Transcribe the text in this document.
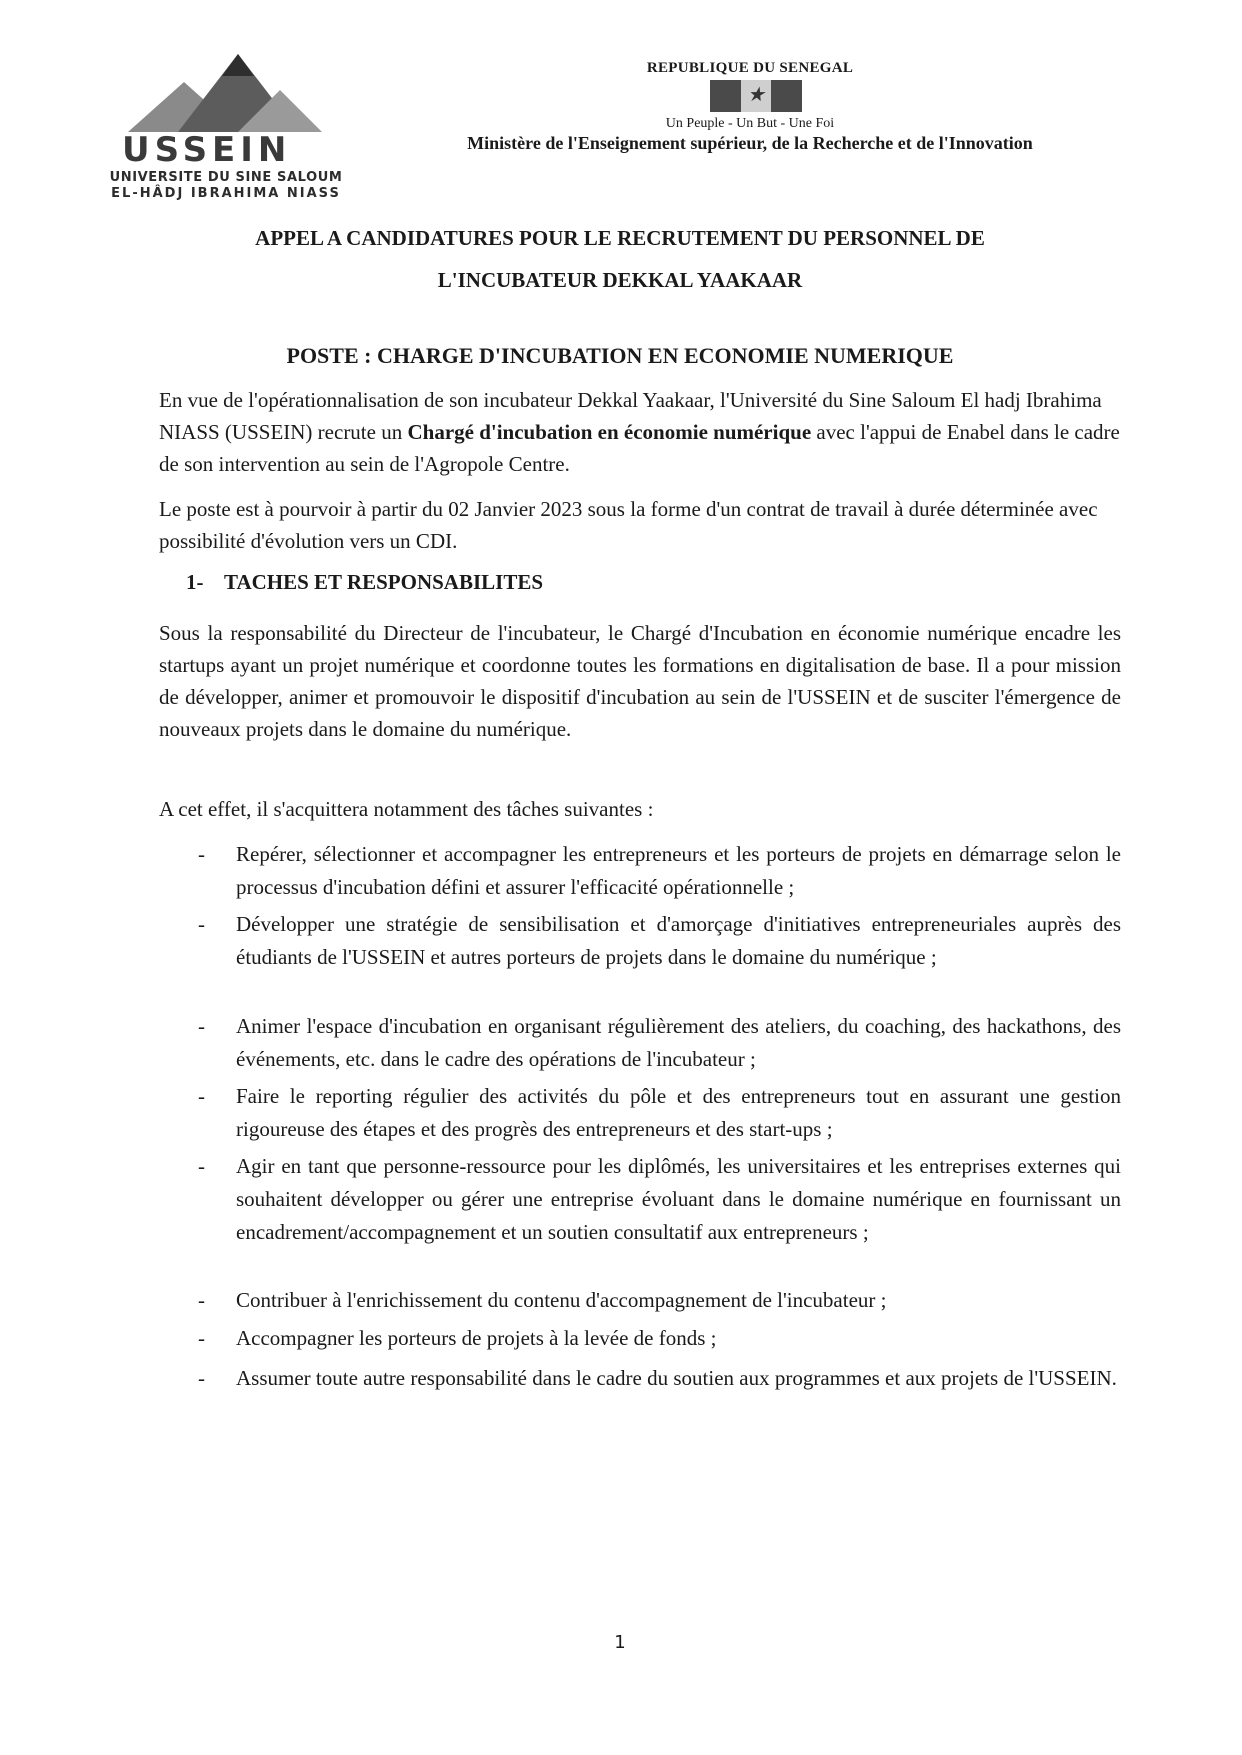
USSEIN
UNIVERSITE DU SINE SALOUM
EL-HÂDJ IBRAHIMA NIASS
REPUBLIQUE DU SENEGAL
★
Un Peuple - Un But - Une Foi
Ministère de l'Enseignement supérieur, de la Recherche et de l'Innovation
APPEL A CANDIDATURES POUR LE RECRUTEMENT DU PERSONNEL DE
L'INCUBATEUR DEKKAL YAAKAAR
POSTE : CHARGE D'INCUBATION EN ECONOMIE NUMERIQUE

En vue de l'opérationnalisation de son incubateur Dekkal Yaakaar, l'Université du Sine Saloum El hadj Ibrahima NIASS (USSEIN) recrute un Chargé d'incubation en économie numérique avec l'appui de Enabel dans le cadre de son intervention au sein de l'Agropole Centre.

Le poste est à pourvoir à partir du 02 Janvier 2023 sous la forme d'un contrat de travail à durée déterminée avec possibilité d'évolution vers un CDI.

1- TACHES ET RESPONSABILITES

Sous la responsabilité du Directeur de l'incubateur, le Chargé d'Incubation en économie numérique encadre les startups ayant un projet numérique et coordonne toutes les formations en digitalisation de base. Il a pour mission de développer, animer et promouvoir le dispositif d'incubation au sein de l'USSEIN et de susciter l'émergence de nouveaux projets dans le domaine du numérique.

A cet effet, il s'acquittera notamment des tâches suivantes :

- Repérer, sélectionner et accompagner les entrepreneurs et les porteurs de projets en démarrage selon le processus d'incubation défini et assurer l'efficacité opérationnelle ;
- Développer une stratégie de sensibilisation et d'amorçage d'initiatives entrepreneuriales auprès des étudiants de l'USSEIN et autres porteurs de projets dans le domaine du numérique ;
- Animer l'espace d'incubation en organisant régulièrement des ateliers, du coaching, des hackathons, des événements, etc. dans le cadre des opérations de l'incubateur ;
- Faire le reporting régulier des activités du pôle et des entrepreneurs tout en assurant une gestion rigoureuse des étapes et des progrès des entrepreneurs et des start-ups ;
- Agir en tant que personne-ressource pour les diplômés, les universitaires et les entreprises externes qui souhaitent développer ou gérer une entreprise évoluant dans le domaine numérique en fournissant un encadrement/accompagnement et un soutien consultatif aux entrepreneurs ;
- Contribuer à l'enrichissement du contenu d'accompagnement de l'incubateur ;
- Accompagner les porteurs de projets à la levée de fonds ;
- Assumer toute autre responsabilité dans le cadre du soutien aux programmes et aux projets de l'USSEIN.
1
